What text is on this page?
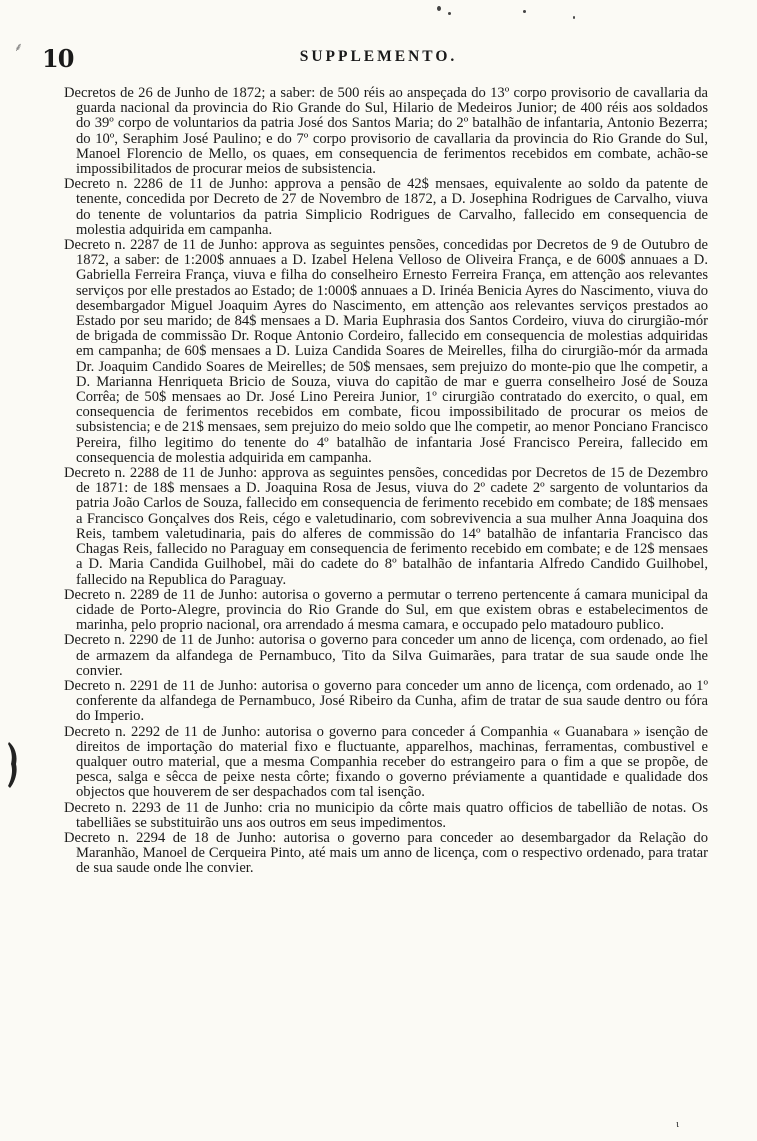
⸙ 10	SUPPLEMENTO.

Decretos de 26 de Junho de 1872; a saber: de 500 réis ao anspeçada do 13º corpo provisorio de cavallaria da guarda nacional da provincia do Rio Grande do Sul, Hilario de Medeiros Junior; de 400 réis aos soldados do 39º corpo de voluntarios da patria José dos Santos Maria; do 2º batalhão de infantaria, Antonio Bezerra; do 10º, Seraphim José Paulino; e do 7º corpo provisorio de cavallaria da provincia do Rio Grande do Sul, Manoel Florencio de Mello, os quaes, em consequencia de ferimentos recebidos em combate, achão-se impossibilitados de procurar meios de subsistencia.

Decreto n. 2286 de 11 de Junho: approva a pensão de 42$ mensaes, equivalente ao soldo da patente de tenente, concedida por Decreto de 27 de Novembro de 1872, a D. Josephina Rodrigues de Carvalho, viuva do tenente de voluntarios da patria Simplicio Rodrigues de Carvalho, fallecido em consequencia de molestia adquirida em campanha.

Decreto n. 2287 de 11 de Junho: approva as seguintes pensões, concedidas por Decretos de 9 de Outubro de 1872, a saber: de 1:200$ annuaes a D. Izabel Helena Velloso de Oliveira França, e de 600$ annuaes a D. Gabriella Ferreira França, viuva e filha do conselheiro Ernesto Ferreira França, em attenção aos relevantes serviços por elle prestados ao Estado; de 1:000$ annuaes a D. Irinéa Benicia Ayres do Nascimento, viuva do desembargador Miguel Joaquim Ayres do Nascimento, em attenção aos relevantes serviços prestados ao Estado por seu marido; de 84$ mensaes a D. Maria Euphrasia dos Santos Cordeiro, viuva do cirurgião-mór de brigada de commissão Dr. Roque Antonio Cordeiro, fallecido em consequencia de molestias adquiridas em campanha; de 60$ mensaes a D. Luiza Candida Soares de Meirelles, filha do cirurgião-mór da armada Dr. Joaquim Candido Soares de Meirelles; de 50$ mensaes, sem prejuizo do monte-pio que lhe competir, a D. Marianna Henriqueta Bricio de Souza, viuva do capitão de mar e guerra conselheiro José de Souza Corrêa; de 50$ mensaes ao Dr. José Lino Pereira Junior, 1º cirurgião contratado do exercito, o qual, em consequencia de ferimentos recebidos em combate, ficou impossibilitado de procurar os meios de subsistencia; e de 21$ mensaes, sem prejuizo do meio soldo que lhe competir, ao menor Ponciano Francisco Pereira, filho legitimo do tenente do 4º batalhão de infantaria José Francisco Pereira, fallecido em consequencia de molestia adquirida em campanha.

Decreto n. 2288 de 11 de Junho: approva as seguintes pensões, concedidas por Decretos de 15 de Dezembro de 1871: de 18$ mensaes a D. Joaquina Rosa de Jesus, viuva do 2º cadete 2º sargento de voluntarios da patria João Carlos de Souza, fallecido em consequencia de ferimento recebido em combate; de 18$ mensaes a Francisco Gonçalves dos Reis, cégo e valetudinario, com sobrevivencia a sua mulher Anna Joaquina dos Reis, tambem valetudinaria, pais do alferes de commissão do 14º batalhão de infantaria Francisco das Chagas Reis, fallecido no Paraguay em consequencia de ferimento recebido em combate; e de 12$ mensaes a D. Maria Candida Guilhobel, mãi do cadete do 8º batalhão de infantaria Alfredo Candido Guilhobel, fallecido na Republica do Paraguay.

Decreto n. 2289 de 11 de Junho: autorisa o governo a permutar o terreno pertencente á camara municipal da cidade de Porto-Alegre, provincia do Rio Grande do Sul, em que existem obras e estabelecimentos de marinha, pelo proprio nacional, ora arrendado á mesma camara, e occupado pelo matadouro publico.

Decreto n. 2290 de 11 de Junho: autorisa o governo para conceder um anno de licença, com ordenado, ao fiel de armazem da alfandega de Pernambuco, Tito da Silva Guimarães, para tratar de sua saude onde lhe convier.

Decreto n. 2291 de 11 de Junho: autorisa o governo para conceder um anno de licença, com ordenado, ao 1º conferente da alfandega de Pernambuco, José Ribeiro da Cunha, afim de tratar de sua saude dentro ou fóra do Imperio.

Decreto n. 2292 de 11 de Junho: autorisa o governo para conceder á Companhia « Guanabara » isenção de direitos de importação do material fixo e fluctuante, apparelhos, machinas, ferramentas, combustivel e qualquer outro material, que a mesma Companhia receber do estrangeiro para o fim a que se propõe, de pesca, salga e sêcca de peixe nesta côrte; fixando o governo préviamente a quantidade e qualidade dos objectos que houverem de ser despachados com tal isenção.

Decreto n. 2293 de 11 de Junho: cria no municipio da côrte mais quatro officios de tabellião de notas. Os tabelliães se substituirão uns aos outros em seus impedimentos.

Decreto n. 2294 de 18 de Junho: autorisa o governo para conceder ao desembargador da Relação do Maranhão, Manoel de Cerqueira Pinto, até mais um anno de licença, com o respectivo ordenado, para tratar de sua saude onde lhe convier.

ι
